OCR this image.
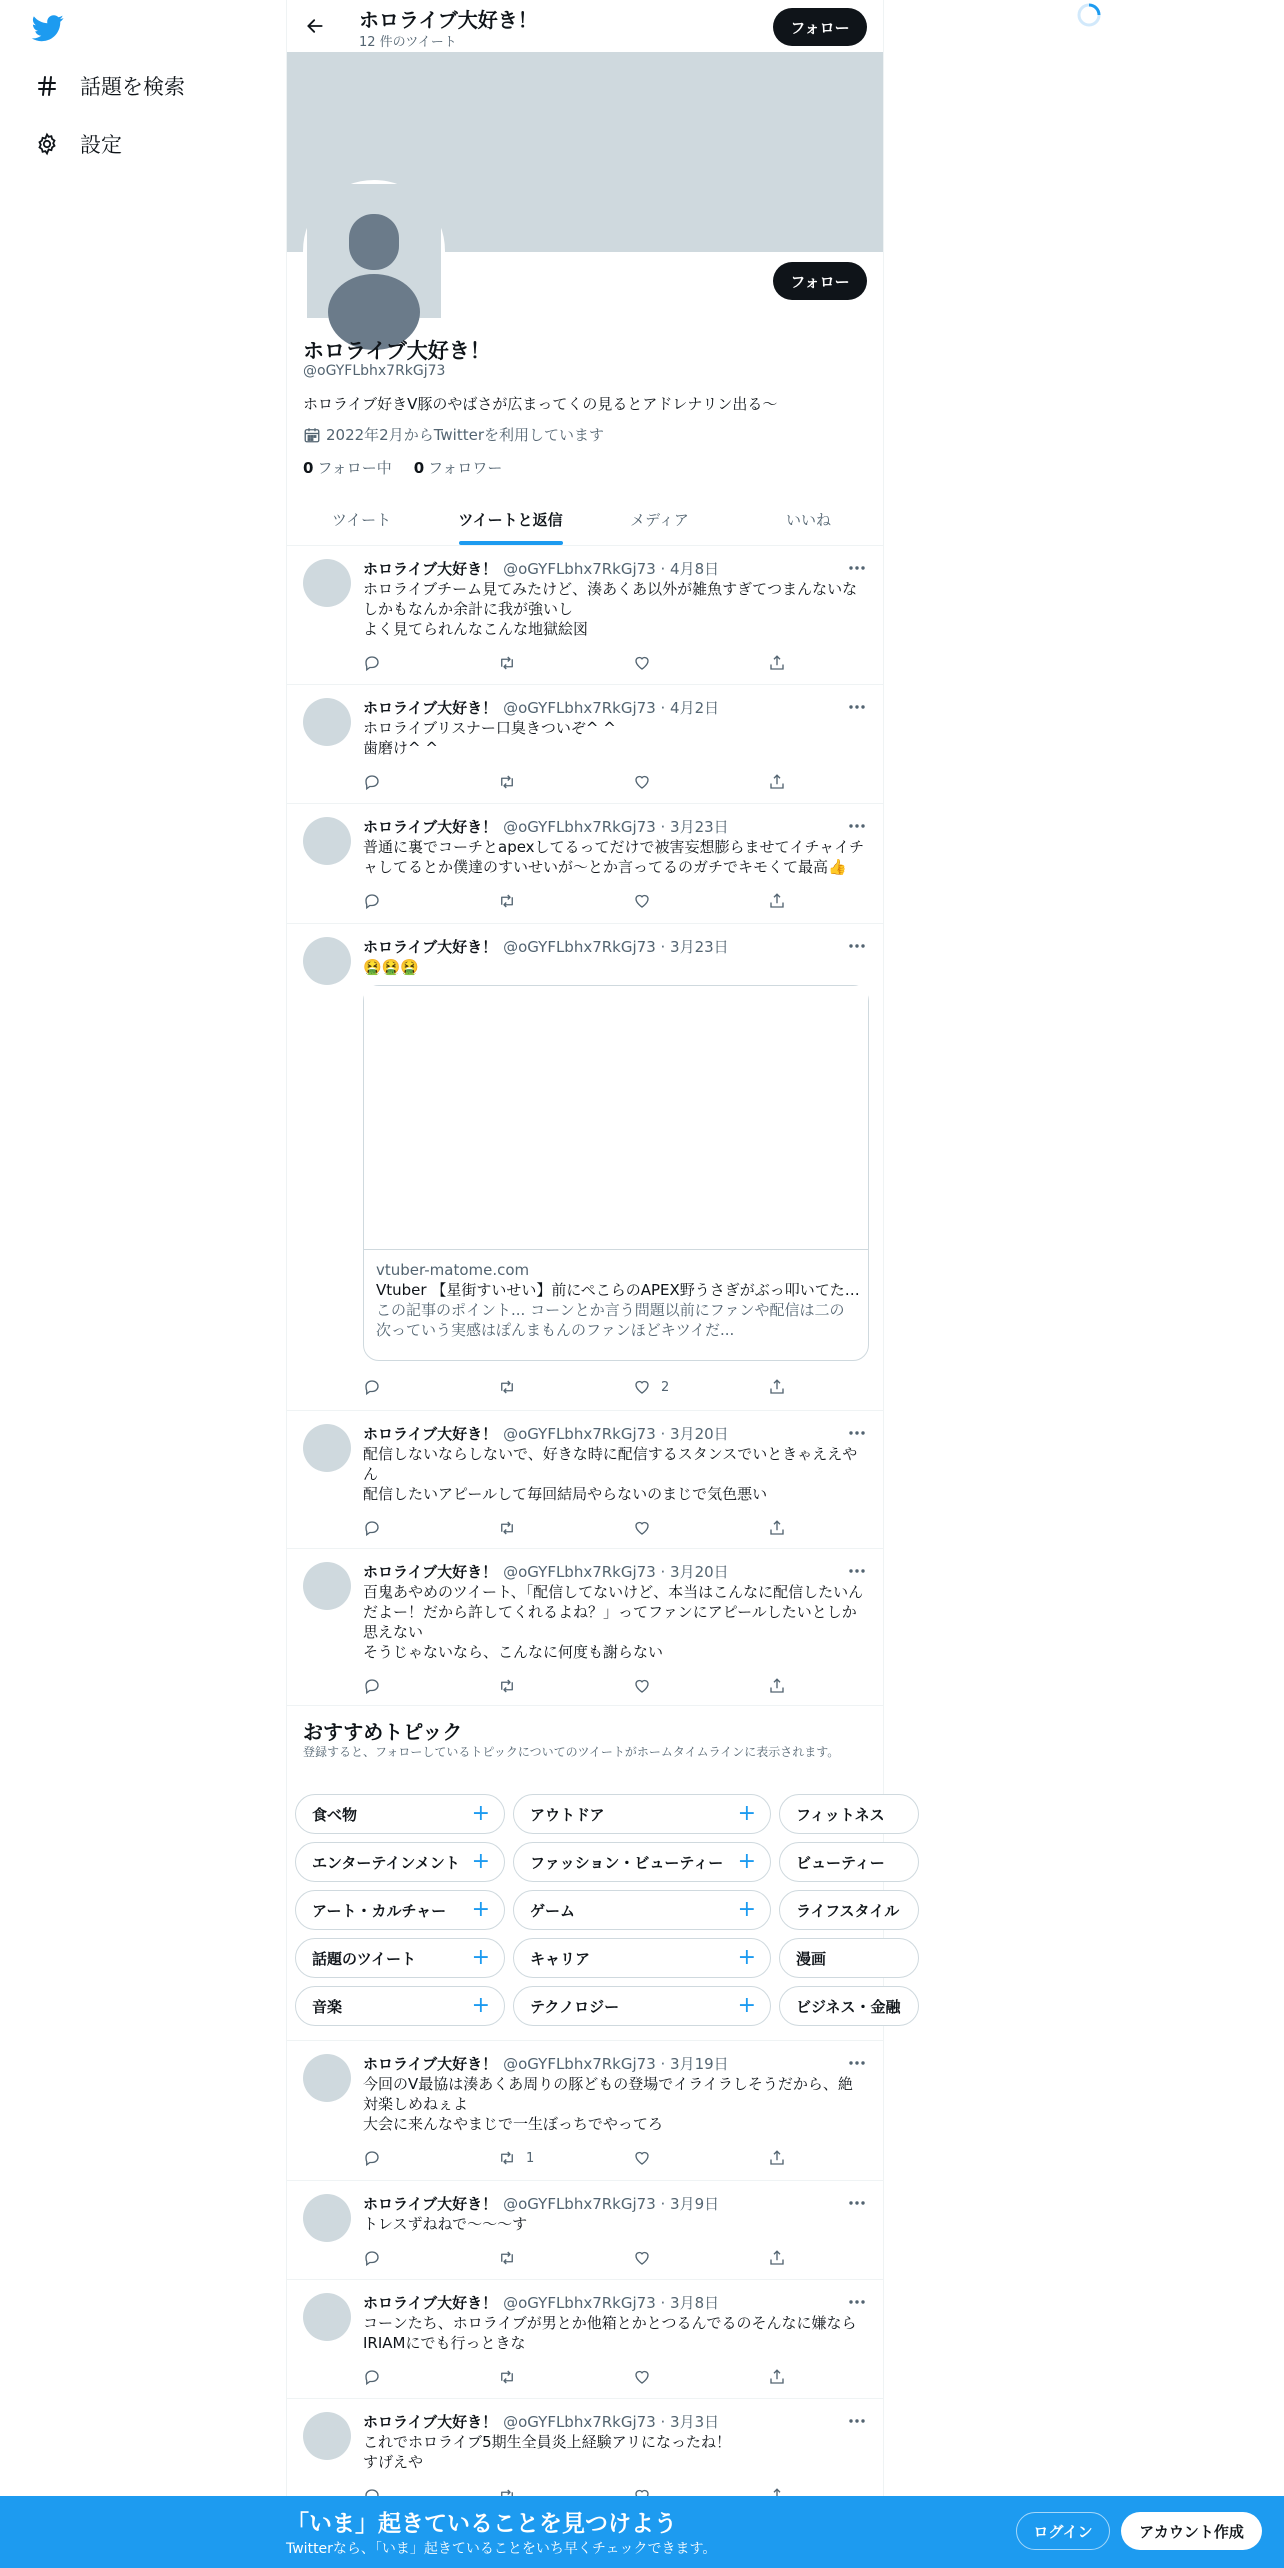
話題を検索
設定
ホロライブ大好き！
12 件のツイート
フォロー
フォロー
ホロライブ大好き！
@oGYFLbhx7RkGj73
ホロライブ好きV豚のやばさが広まってくの見るとアドレナリン出る〜
2022年2月からTwitterを利用しています
0 フォロー中 0 フォロワー
ツイート	ツイートと返信	メディア	いいね
ホロライブ大好き！ @oGYFLbhx7RkGj73 · 4月8日
ホロライブチーム見てみたけど、湊あくあ以外が雑魚すぎてつまんないな
しかもなんか余計に我が強いし
よく見てられんなこんな地獄絵図
ホロライブ大好き！ @oGYFLbhx7RkGj73 · 4月2日
ホロライブリスナー口臭きついぞ^ ^
歯磨け^ ^
ホロライブ大好き！ @oGYFLbhx7RkGj73 · 3月23日
普通に裏でコーチとapexしてるってだけで被害妄想膨らませてイチャイチャしてるとか僕達のすいせいが〜とか言ってるのガチでキモくて最高👍
ホロライブ大好き！ @oGYFLbhx7RkGj73 · 3月23日
🤮🤮🤮
vtuber-matome.com
Vtuber 【星街すいせい】前にぺこらのAPEX野うさぎがぶっ叩いてた…
この記事のポイント... コーンとか言う問題以前にファンや配信は二の次っていう実感はぽんまもんのファンほどキツイだ...
2
ホロライブ大好き！ @oGYFLbhx7RkGj73 · 3月20日
配信しないならしないで、好きな時に配信するスタンスでいときゃええやん
配信したいアピールして毎回結局やらないのまじで気色悪い
ホロライブ大好き！ @oGYFLbhx7RkGj73 · 3月20日
百鬼あやめのツイート、「配信してないけど、本当はこんなに配信したいんだよー！だから許してくれるよね？」ってファンにアピールしたいとしか思えない
そうじゃないなら、こんなに何度も謝らない
おすすめトピック
登録すると、フォローしているトピックについてのツイートがホームタイムラインに表示されます。
食べ物	+	アウトドア	+	フィットネス
エンターテインメント +	ファッション・ビューティー +	ビューティー
アート・カルチャー +	ゲーム	+	ライフスタイル
話題のツイート	+	キャリア	+	漫画
音楽	+	テクノロジー	+	ビジネス・金融
ホロライブ大好き！ @oGYFLbhx7RkGj73 · 3月19日
今回のV最協は湊あくあ周りの豚どもの登場でイライラしそうだから、絶対楽しめねぇよ
大会に来んなやまじで一生ぼっちでやってろ
1
ホロライブ大好き！ @oGYFLbhx7RkGj73 · 3月9日
トレスずねねで〜〜〜す
ホロライブ大好き！ @oGYFLbhx7RkGj73 · 3月8日
コーンたち、ホロライブが男とか他箱とかとつるんでるのそんなに嫌ならIRIAMにでも行っときな
ホロライブ大好き！ @oGYFLbhx7RkGj73 · 3月3日
これでホロライブ5期生全員炎上経験アリになったね！
すげえや
「いま」起きていることを見つけよう
Twitterなら、「いま」起きていることをいち早くチェックできます。
ログイン	アカウント作成
